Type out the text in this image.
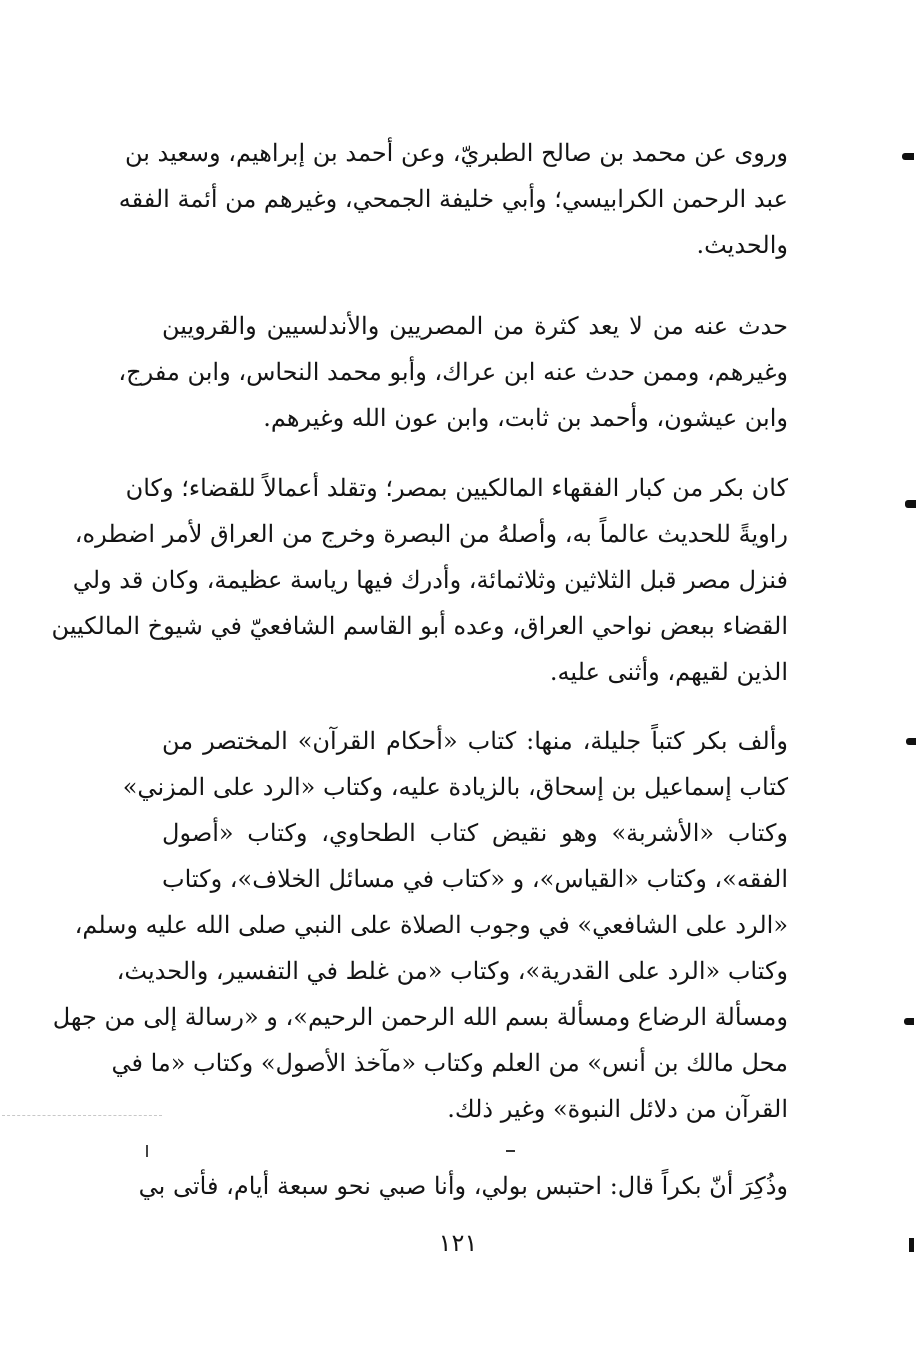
وروى عن محمد بن صالح الطبريّ، وعن أحمد بن إبراهيم، وسعيد بن
عبد الرحمن الكرابيسي؛ وأبي خليفة الجمحي، وغيرهم من أئمة الفقه
والحديث.
حدث عنه من لا يعد كثرة من المصريين والأندلسيين والقرويين
وغيرهم، وممن حدث عنه ابن عراك، وأبو محمد النحاس، وابن مفرج،
وابن عيشون، وأحمد بن ثابت، وابن عون الله وغيرهم.
كان بكر من كبار الفقهاء المالكيين بمصر؛ وتقلد أعمالاً للقضاء؛ وكان
راويةً للحديث عالماً به، وأصلهُ من البصرة وخرج من العراق لأمر اضطره،
فنزل مصر قبل الثلاثين وثلاثمائة، وأدرك فيها رياسة عظيمة، وكان قد ولي
القضاء ببعض نواحي العراق، وعده أبو القاسم الشافعيّ في شيوخ المالكيين
الذين لقيهم، وأثنى عليه.
وألف بكر كتباً جليلة، منها: كتاب «أحكام القرآن» المختصر من
كتاب إسماعيل بن إسحاق، بالزيادة عليه، وكتاب «الرد على المزني»
وكتاب «الأشربة» وهو نقيض كتاب الطحاوي، وكتاب «أصول
الفقه»، وكتاب «القياس»، و «كتاب في مسائل الخلاف»، وكتاب
«الرد على الشافعي» في وجوب الصلاة على النبي صلى الله عليه وسلم،
وكتاب «الرد على القدرية»، وكتاب «من غلط في التفسير، والحديث،
ومسألة الرضاع ومسألة بسم الله الرحمن الرحيم»، و «رسالة إلى من جهل
محل مالك بن أنس» من العلم وكتاب «مآخذ الأصول» وكتاب «ما في
القرآن من دلائل النبوة» وغير ذلك.
وذُكِرَ أنّ بكراً قال: احتبس بولي، وأنا صبي نحو سبعة أيام، فأتى بي
١٢١
